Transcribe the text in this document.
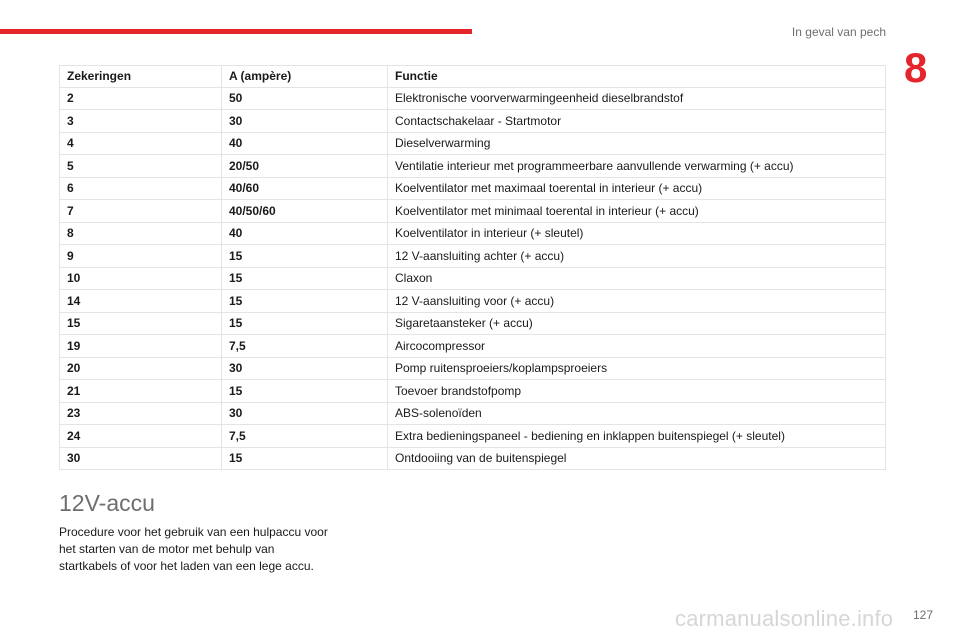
In geval van pech
8
Zekeringen	A (ampère)	Functie
2	50	Elektronische voorverwarmingeenheid dieselbrandstof
3	30	Contactschakelaar - Startmotor
4	40	Dieselverwarming
5	20/50	Ventilatie interieur met programmeerbare aanvullende verwarming (+ accu)
6	40/60	Koelventilator met maximaal toerental in interieur (+ accu)
7	40/50/60	Koelventilator met minimaal toerental in interieur (+ accu)
8	40	Koelventilator in interieur (+ sleutel)
9	15	12 V-aansluiting achter (+ accu)
10	15	Claxon
14	15	12 V-aansluiting voor (+ accu)
15	15	Sigaretaansteker (+ accu)
19	7,5	Aircocompressor
20	30	Pomp ruitensproeiers/koplampsproeiers
21	15	Toevoer brandstofpomp
23	30	ABS-solenoïden
24	7,5	Extra bedieningspaneel - bediening en inklappen buitenspiegel (+ sleutel)
30	15	Ontdooiing van de buitenspiegel
12V-accu

Procedure voor het gebruik van een hulpaccu voor het starten van de motor met behulp van startkabels of voor het laden van een lege accu.

carmanualsonline.info 127
